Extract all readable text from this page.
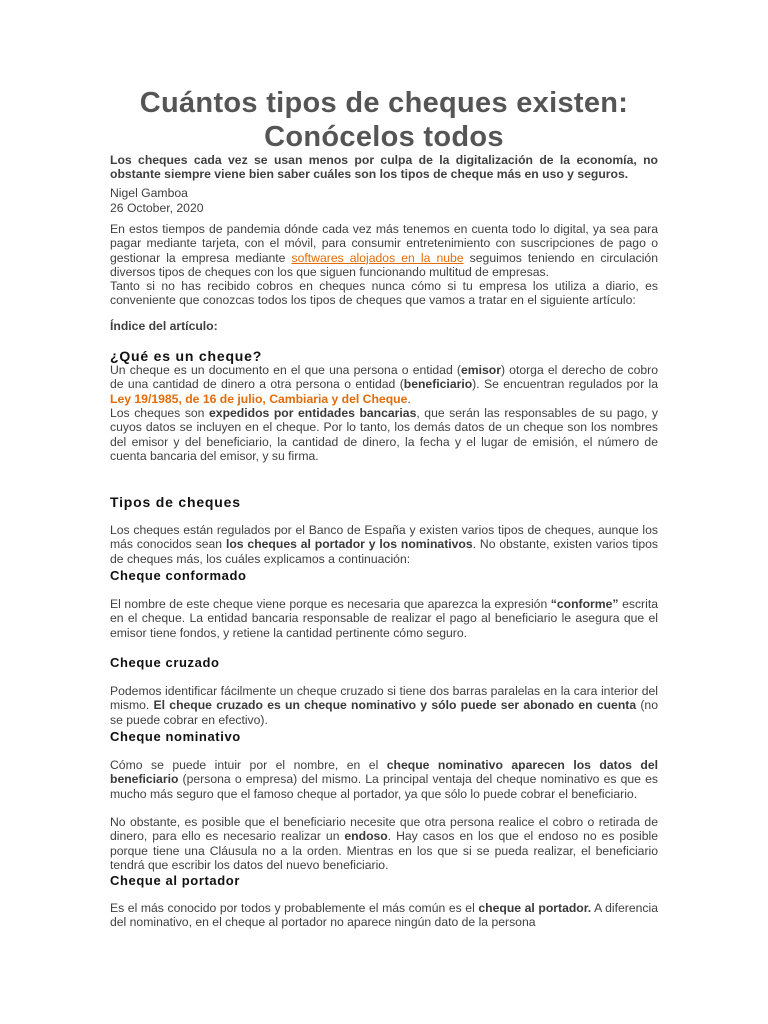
Cuántos tipos de cheques existen:
Conócelos todos

Los cheques cada vez se usan menos por culpa de la digitalización de la economía, no obstante siempre viene bien saber cuáles son los tipos de cheque más en uso y seguros.

Nigel Gamboa

26 October, 2020

En estos tiempos de pandemia dónde cada vez más tenemos en cuenta todo lo digital, ya sea para pagar mediante tarjeta, con el móvil, para consumir entretenimiento con suscripciones de pago o gestionar la empresa mediante softwares alojados en la nube seguimos teniendo en circulación diversos tipos de cheques con los que siguen funcionando multitud de empresas.

Tanto si no has recibido cobros en cheques nunca cómo si tu empresa los utiliza a diario, es conveniente que conozcas todos los tipos de cheques que vamos a tratar en el siguiente artículo:

Índice del artículo:

¿Qué es un cheque?

Un cheque es un documento en el que una persona o entidad (emisor) otorga el derecho de cobro de una cantidad de dinero a otra persona o entidad (beneficiario). Se encuentran regulados por la Ley 19/1985, de 16 de julio, Cambiaria y del Cheque.

Los cheques son expedidos por entidades bancarias, que serán las responsables de su pago, y cuyos datos se incluyen en el cheque. Por lo tanto, los demás datos de un cheque son los nombres del emisor y del beneficiario, la cantidad de dinero, la fecha y el lugar de emisión, el número de cuenta bancaria del emisor, y su firma.

Tipos de cheques

Los cheques están regulados por el Banco de España y existen varios tipos de cheques, aunque los más conocidos sean los cheques al portador y los nominativos. No obstante, existen varios tipos de cheques más, los cuáles explicamos a continuación:

Cheque conformado

El nombre de este cheque viene porque es necesaria que aparezca la expresión “conforme” escrita en el cheque. La entidad bancaria responsable de realizar el pago al beneficiario le asegura que el emisor tiene fondos, y retiene la cantidad pertinente cómo seguro.

Cheque cruzado

Podemos identificar fácilmente un cheque cruzado si tiene dos barras paralelas en la cara interior del mismo. El cheque cruzado es un cheque nominativo y sólo puede ser abonado en cuenta (no se puede cobrar en efectivo).

Cheque nominativo

Cómo se puede intuir por el nombre, en el cheque nominativo aparecen los datos del beneficiario (persona o empresa) del mismo. La principal ventaja del cheque nominativo es que es mucho más seguro que el famoso cheque al portador, ya que sólo lo puede cobrar el beneficiario.

No obstante, es posible que el beneficiario necesite que otra persona realice el cobro o retirada de dinero, para ello es necesario realizar un endoso. Hay casos en los que el endoso no es posible porque tiene una Cláusula no a la orden. Mientras en los que si se pueda realizar, el beneficiario tendrá que escribir los datos del nuevo beneficiario.

Cheque al portador

Es el más conocido por todos y probablemente el más común es el cheque al portador. A diferencia del nominativo, en el cheque al portador no aparece ningún dato de la persona
